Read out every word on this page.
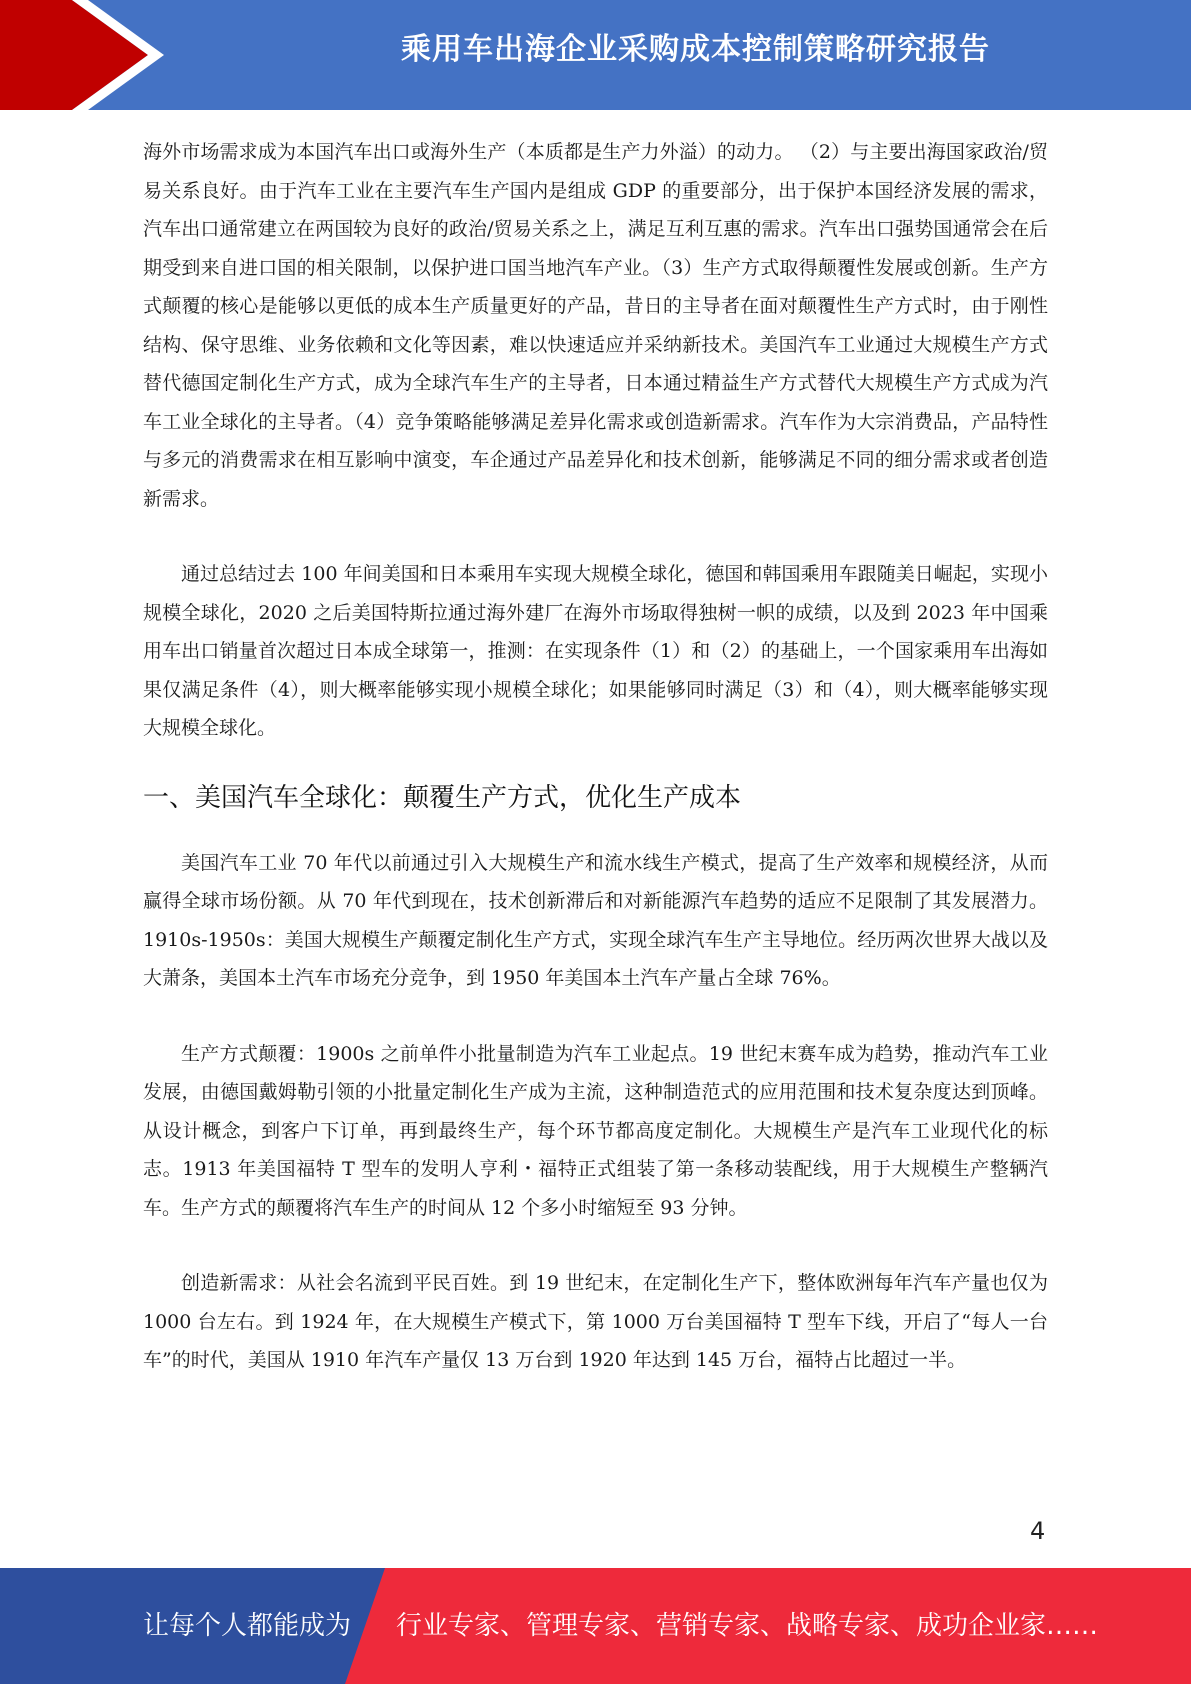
乘用车出海企业采购成本控制策略研究报告

海外市场需求成为本国汽车出口或海外生产（本质都是生产力外溢）的动力。 （2）与主要出海国家政治/贸易关系良好。由于汽车工业在主要汽车生产国内是组成 GDP 的重要部分，出于保护本国经济发展的需求，汽车出口通常建立在两国较为良好的政治/贸易关系之上，满足互利互惠的需求。汽车出口强势国通常会在后期受到来自进口国的相关限制，以保护进口国当地汽车产业。（3）生产方式取得颠覆性发展或创新。生产方式颠覆的核心是能够以更低的成本生产质量更好的产品，昔日的主导者在面对颠覆性生产方式时，由于刚性结构、保守思维、业务依赖和文化等因素，难以快速适应并采纳新技术。美国汽车工业通过大规模生产方式替代德国定制化生产方式，成为全球汽车生产的主导者，日本通过精益生产方式替代大规模生产方式成为汽车工业全球化的主导者。（4）竞争策略能够满足差异化需求或创造新需求。汽车作为大宗消费品，产品特性与多元的消费需求在相互影响中演变，车企通过产品差异化和技术创新，能够满足不同的细分需求或者创造新需求。

通过总结过去 100 年间美国和日本乘用车实现大规模全球化，德国和韩国乘用车跟随美日崛起，实现小规模全球化，2020 之后美国特斯拉通过海外建厂在海外市场取得独树一帜的成绩，以及到 2023 年中国乘用车出口销量首次超过日本成全球第一，推测：在实现条件（1）和（2）的基础上，一个国家乘用车出海如果仅满足条件（4），则大概率能够实现小规模全球化；如果能够同时满足（3）和（4），则大概率能够实现大规模全球化。

一、美国汽车全球化：颠覆生产方式，优化生产成本

美国汽车工业 70 年代以前通过引入大规模生产和流水线生产模式，提高了生产效率和规模经济，从而赢得全球市场份额。从 70 年代到现在，技术创新滞后和对新能源汽车趋势的适应不足限制了其发展潜力。1910s-1950s：美国大规模生产颠覆定制化生产方式，实现全球汽车生产主导地位。经历两次世界大战以及大萧条，美国本土汽车市场充分竞争，到 1950 年美国本土汽车产量占全球 76%。

生产方式颠覆：1900s 之前单件小批量制造为汽车工业起点。19 世纪末赛车成为趋势，推动汽车工业发展，由德国戴姆勒引领的小批量定制化生产成为主流，这种制造范式的应用范围和技术复杂度达到顶峰。从设计概念，到客户下订单，再到最终生产，每个环节都高度定制化。大规模生产是汽车工业现代化的标志。1913 年美国福特 T 型车的发明人亨利・福特正式组装了第一条移动装配线，用于大规模生产整辆汽车。生产方式的颠覆将汽车生产的时间从 12 个多小时缩短至 93 分钟。

创造新需求：从社会名流到平民百姓。到 19 世纪末，在定制化生产下，整体欧洲每年汽车产量也仅为 1000 台左右。到 1924 年，在大规模生产模式下，第 1000 万台美国福特 T 型车下线，开启了“每人一台车”的时代，美国从 1910 年汽车产量仅 13 万台到 1920 年达到 145 万台，福特占比超过一半。

4
让每个人都能成为 行业专家、管理专家、营销专家、战略专家、成功企业家……
